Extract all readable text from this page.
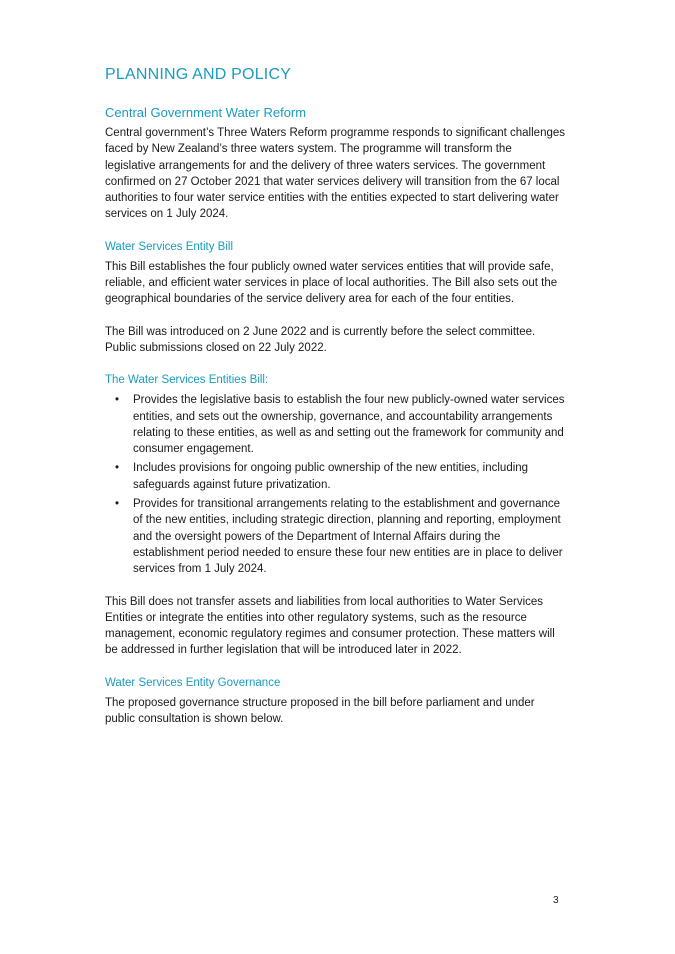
PLANNING AND POLICY
Central Government Water Reform

Central government’s Three Waters Reform programme responds to significant challenges faced by New Zealand’s three waters system. The programme will transform the legislative arrangements for and the delivery of three waters services. The government confirmed on 27 October 2021 that water services delivery will transition from the 67 local authorities to four water service entities with the entities expected to start delivering water services on 1 July 2024.

Water Services Entity Bill

This Bill establishes the four publicly owned water services entities that will provide safe, reliable, and efficient water services in place of local authorities. The Bill also sets out the geographical boundaries of the service delivery area for each of the four entities.

The Bill was introduced on 2 June 2022 and is currently before the select committee. Public submissions closed on 22 July 2022.

The Water Services Entities Bill:
• Provides the legislative basis to establish the four new publicly-owned water services entities, and sets out the ownership, governance, and accountability arrangements relating to these entities, as well as and setting out the framework for community and consumer engagement.
• Includes provisions for ongoing public ownership of the new entities, including safeguards against future privatization.
• Provides for transitional arrangements relating to the establishment and governance of the new entities, including strategic direction, planning and reporting, employment and the oversight powers of the Department of Internal Affairs during the establishment period needed to ensure these four new entities are in place to deliver services from 1 July 2024.

This Bill does not transfer assets and liabilities from local authorities to Water Services Entities or integrate the entities into other regulatory systems, such as the resource management, economic regulatory regimes and consumer protection. These matters will be addressed in further legislation that will be introduced later in 2022.

Water Services Entity Governance

The proposed governance structure proposed in the bill before parliament and under public consultation is shown below.

3
